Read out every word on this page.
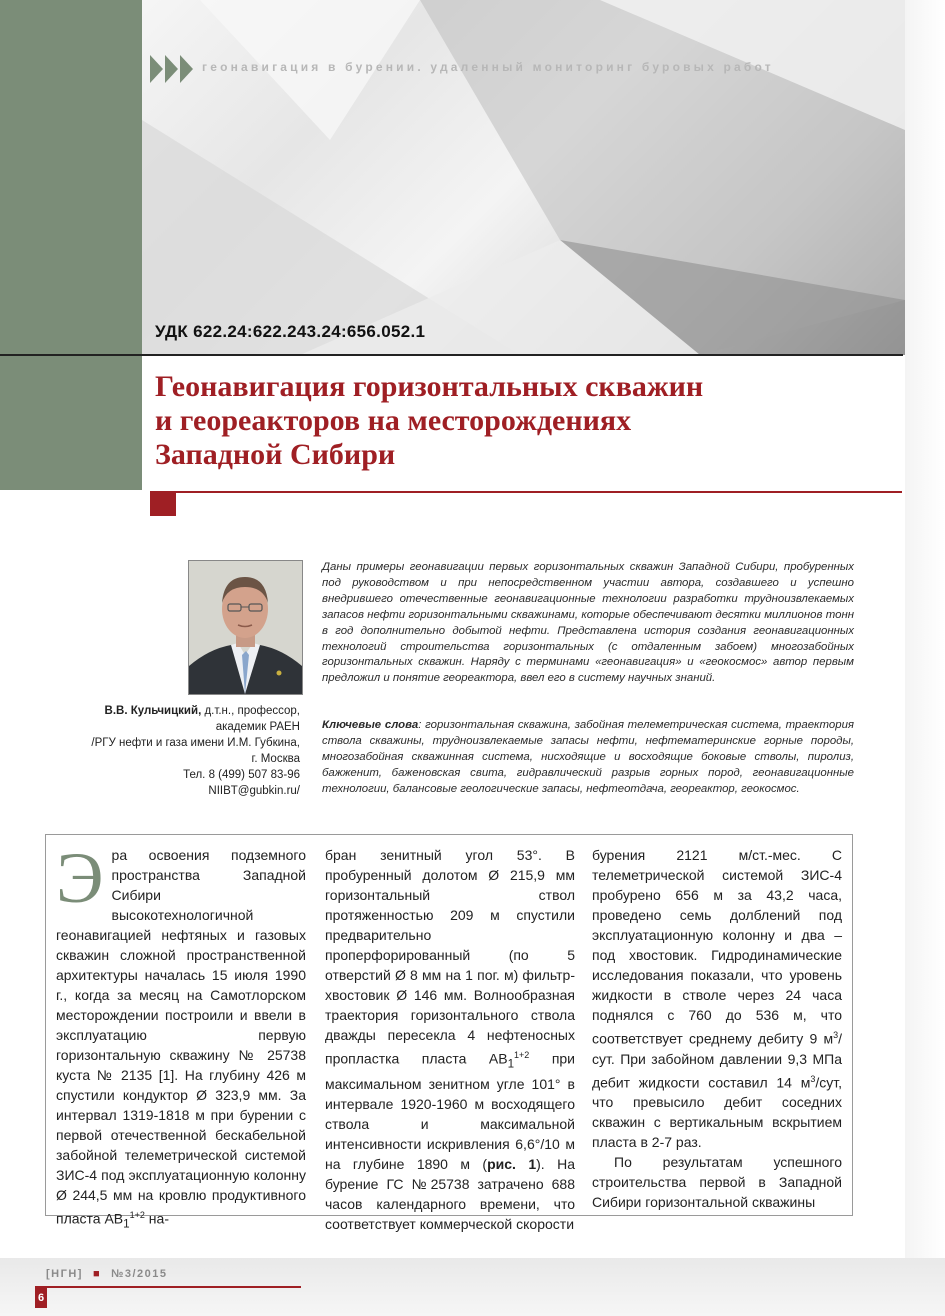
геонавигация в бурении. удаленный мониторинг буровых работ
УДК 622.24:622.243.24:656.052.1
Геонавигация горизонтальных скважин
и геореакторов на месторождениях
Западной Сибири
В.В. Кульчицкий, д.т.н., профессор,
академик РАЕН
/РГУ нефти и газа имени И.М. Губкина,
г. Москва
Тел. 8 (499) 507 83-96
NIIBT@gubkin.ru/
Даны примеры геонавигации первых горизонтальных скважин Западной Сибири, пробуренных под руководством и при непосредственном участии автора, создавшего и успешно внедрившего отечественные геонавигационные технологии разработки трудноизвлекаемых запасов нефти горизонтальными скважинами, которые обеспечивают десятки миллионов тонн в год дополнительно добытой нефти. Представлена история создания геонавигационных технологий строительства горизонтальных (с отдаленным забоем) многозабойных горизонтальных скважин. Наряду с терминами «геонавигация» и «геокосмос» автор первым предложил и понятие геореактора, ввел его в систему научных знаний.
Ключевые слова: горизонтальная скважина, забойная телеметрическая система, траектория ствола скважины, трудноизвлекаемые запасы нефти, нефтематеринские горные породы, многозабойная скважинная система, нисходящие и восходящие боковые стволы, пиролиз, бажженит, баженовская свита, гидравлический разрыв горных пород, геонавигационные технологии, балансовые геологические запасы, нефтеотдача, геореактор, геокосмос.
Эра освоения подземного пространства Западной Сибири высокотехнологичной геонавигацией нефтяных и газовых скважин сложной пространственной архитектуры началась 15 июля 1990 г., когда за месяц на Самотлорском месторождении построили и ввели в эксплуатацию первую горизонтальную скважину № 25738 куста № 2135 [1]. На глубину 426 м спустили кондуктор Ø 323,9 мм. За интервал 1319-1818 м при бурении с первой отечественной бескабельной забойной телеметрической системой ЗИС-4 под эксплуатационную колонну Ø 244,5 мм на кровлю продуктивного пласта $АВ_1^{1+2}$ на-
бран зенитный угол 53°. В пробуренный долотом Ø 215,9 мм горизонтальный ствол протяженностью 209 м спустили предварительно проперфорированный (по 5 отверстий Ø 8 мм на 1 пог. м) фильтр-хвостовик Ø 146 мм. Волнообразная траектория горизонтального ствола дважды пересекла 4 нефтеносных пропластка пласта $АВ_1^{1+2}$ при максимальном зенитном угле 101° в интервале 1920-1960 м восходящего ствола и максимальной интенсивности искривления 6,6°/10 м на глубине 1890 м (рис. 1). На бурение ГС №25738 затрачено 688 часов календарного времени, что соответствует коммерческой скорости
бурения 2121 м/ст.-мес. С телеметрической системой ЗИС-4 пробурено 656 м за 43,2 часа, проведено семь долблений под эксплуатационную колонну и два – под хвостовик. Гидродинамические исследования показали, что уровень жидкости в стволе через 24 часа поднялся с 760 до 536 м, что соответствует среднему дебиту 9 $м^3$/сут. При забойном давлении 9,3 МПа дебит жидкости составил 14 $м^3$/сут, что превысило дебит соседних скважин с вертикальным вскрытием пласта в 2-7 раз.
По результатам успешного строительства первой в Западной Сибири горизонтальной скважины
[НГН] ■ №3/2015
6
